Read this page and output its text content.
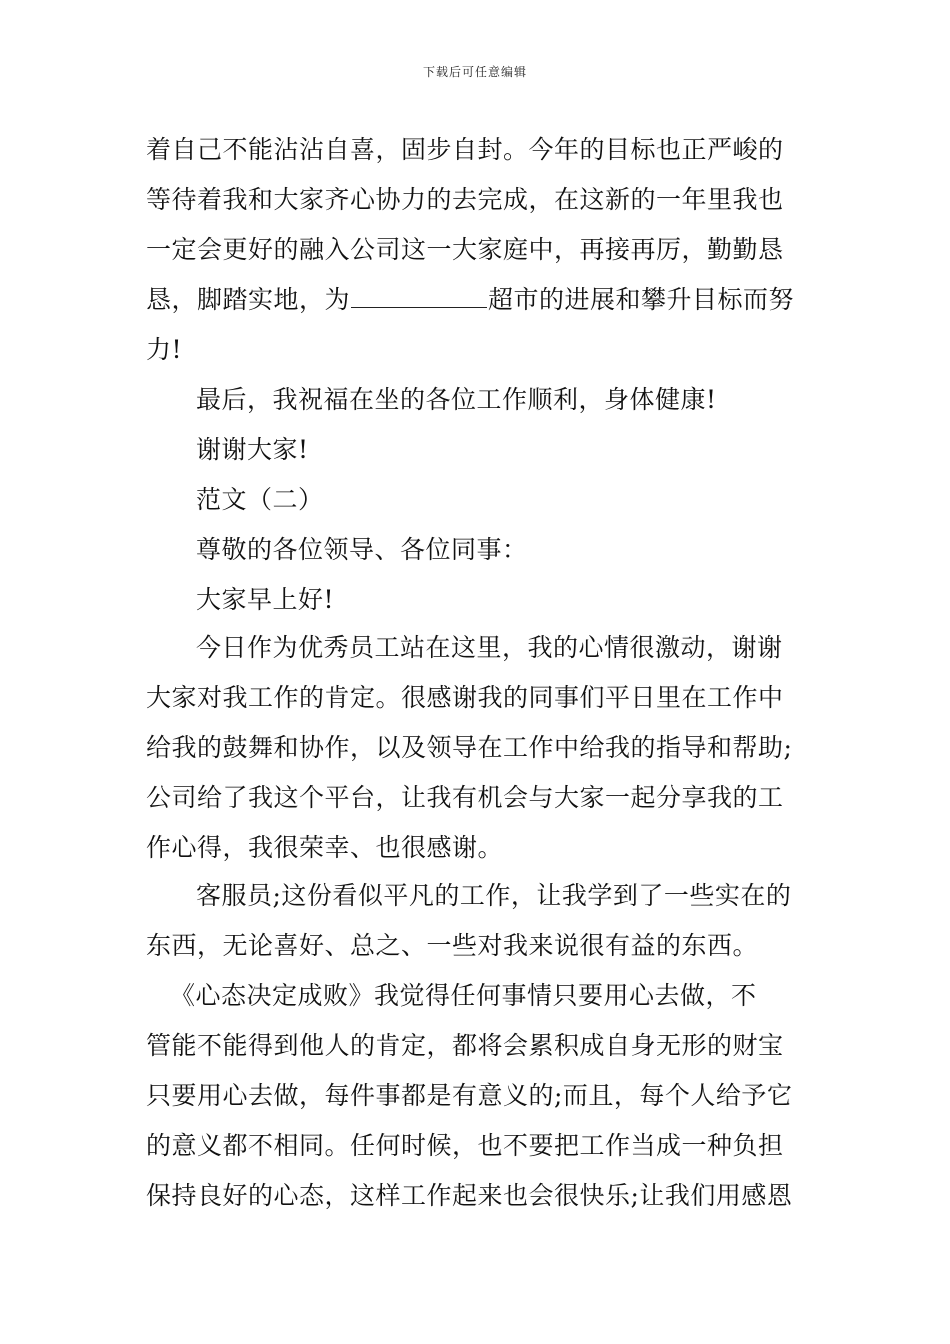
下载后可任意编辑
着自己不能沾沾自喜，固步自封。今年的目标也正严峻的
等待着我和大家齐心协力的去完成，在这新的一年里我也
一定会更好的融入公司这一大家庭中，再接再厉，勤勤恳
恳，脚踏实地，为	超市的进展和攀升目标而努
力!
最后，我祝福在坐的各位工作顺利，身体健康!
谢谢大家!
范文（二）
尊敬的各位领导、各位同事：
大家早上好!
今日作为优秀员工站在这里，我的心情很激动，谢谢
大家对我工作的肯定。很感谢我的同事们平日里在工作中
给我的鼓舞和协作，以及领导在工作中给我的指导和帮助;
公司给了我这个平台，让我有机会与大家一起分享我的工
作心得，我很荣幸、也很感谢。
客服员;这份看似平凡的工作，让我学到了一些实在的
东西，无论喜好、总之、一些对我来说很有益的东西。
《心态决定成败》我觉得任何事情只要用心去做，不
管能不能得到他人的肯定，都将会累积成自身无形的财宝
只要用心去做，每件事都是有意义的;而且，每个人给予它
的意义都不相同。任何时候，也不要把工作当成一种负担
保持良好的心态，这样工作起来也会很快乐;让我们用感恩
